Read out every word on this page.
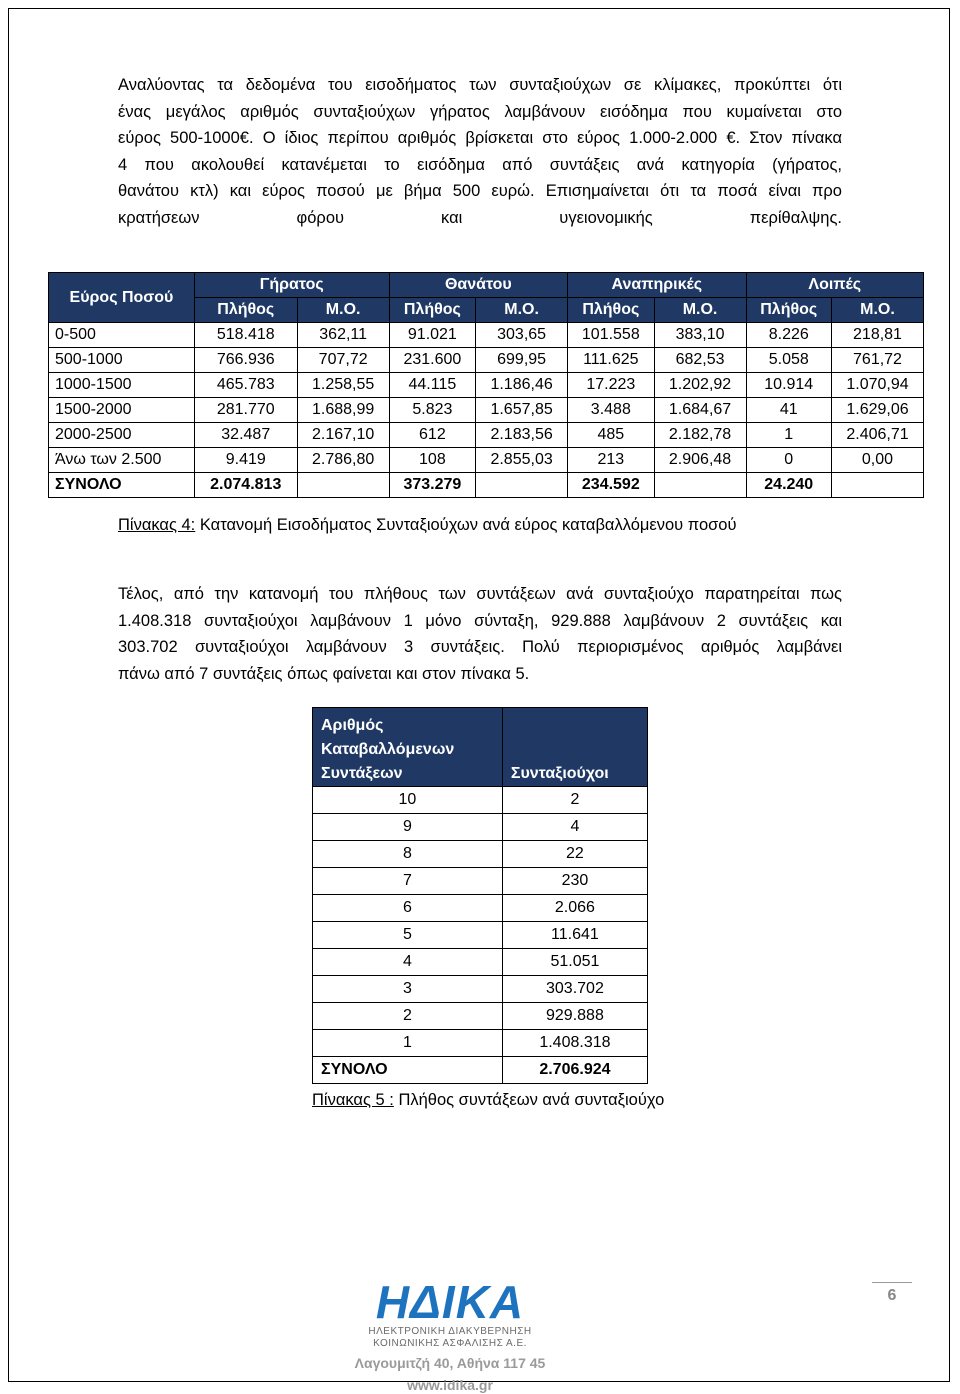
Αναλύοντας τα δεδομένα του εισοδήματος των συνταξιούχων σε κλίμακες, προκύπτει ότι
ένας μεγάλος αριθμός συνταξιούχων γήρατος λαμβάνουν εισόδημα που κυμαίνεται στο
εύρος 500-1000€. Ο ίδιος περίπου αριθμός βρίσκεται στο εύρος 1.000-2.000 €. Στον πίνακα
4 που ακολουθεί κατανέμεται το εισόδημα από συντάξεις ανά κατηγορία (γήρατος,
θανάτου κτλ) και εύρος ποσού με βήμα 500 ευρώ. Επισημαίνεται ότι τα ποσά είναι προ
κρατήσεων φόρου και υγειονομικής περίθαλψης.

Εύρος Ποσού	Γήρατος		Θανάτου		Αναπηρικές		Λοιπές	
	Πλήθος	Μ.Ο.	Πλήθος	Μ.Ο.	Πλήθος	Μ.Ο.	Πλήθος	Μ.Ο.
0-500	518.418	362,11	91.021	303,65	101.558	383,10	8.226	218,81
500-1000	766.936	707,72	231.600	699,95	111.625	682,53	5.058	761,72
1000-1500	465.783	1.258,55	44.115	1.186,46	17.223	1.202,92	10.914	1.070,94
1500-2000	281.770	1.688,99	5.823	1.657,85	3.488	1.684,67	41	1.629,06
2000-2500	32.487	2.167,10	612	2.183,56	485	2.182,78	1	2.406,71
Άνω των 2.500	9.419	2.786,80	108	2.855,03	213	2.906,48	0	0,00
ΣΥΝΟΛΟ	2.074.813		373.279		234.592		24.240	
Πίνακας 4: Κατανομή Εισοδήματος Συνταξιούχων ανά εύρος καταβαλλόμενου ποσού

Τέλος, από την κατανομή του πλήθους των συντάξεων ανά συνταξιούχο παρατηρείται πως
1.408.318 συνταξιούχοι λαμβάνουν 1 μόνο σύνταξη, 929.888 λαμβάνουν 2 συντάξεις και
303.702 συνταξιούχοι λαμβάνουν 3 συντάξεις. Πολύ περιορισμένος αριθμός λαμβάνει
πάνω από 7 συντάξεις όπως φαίνεται και στον πίνακα 5.

Αριθμός
Καταβαλλόμενων
Συντάξεων	Συνταξιούχοι
10	2
9	4
8	22
7	230
6	2.066
5	11.641
4	51.051
3	303.702
2	929.888
1	1.408.318
ΣΥΝΟΛΟ	2.706.924
Πίνακας 5 : Πλήθος συντάξεων ανά συνταξιούχο
ΗΔΙΚΑ
ΗΛΕΚΤΡΟΝΙΚΗ ΔΙΑΚΥΒΕΡΝΗΣΗ
ΚΟΙΝΩΝΙΚΗΣ ΑΣΦΑΛΙΣΗΣ Α.Ε.
Λαγουμιτζή 40, Αθήνα 117 45
www.idika.gr
6
